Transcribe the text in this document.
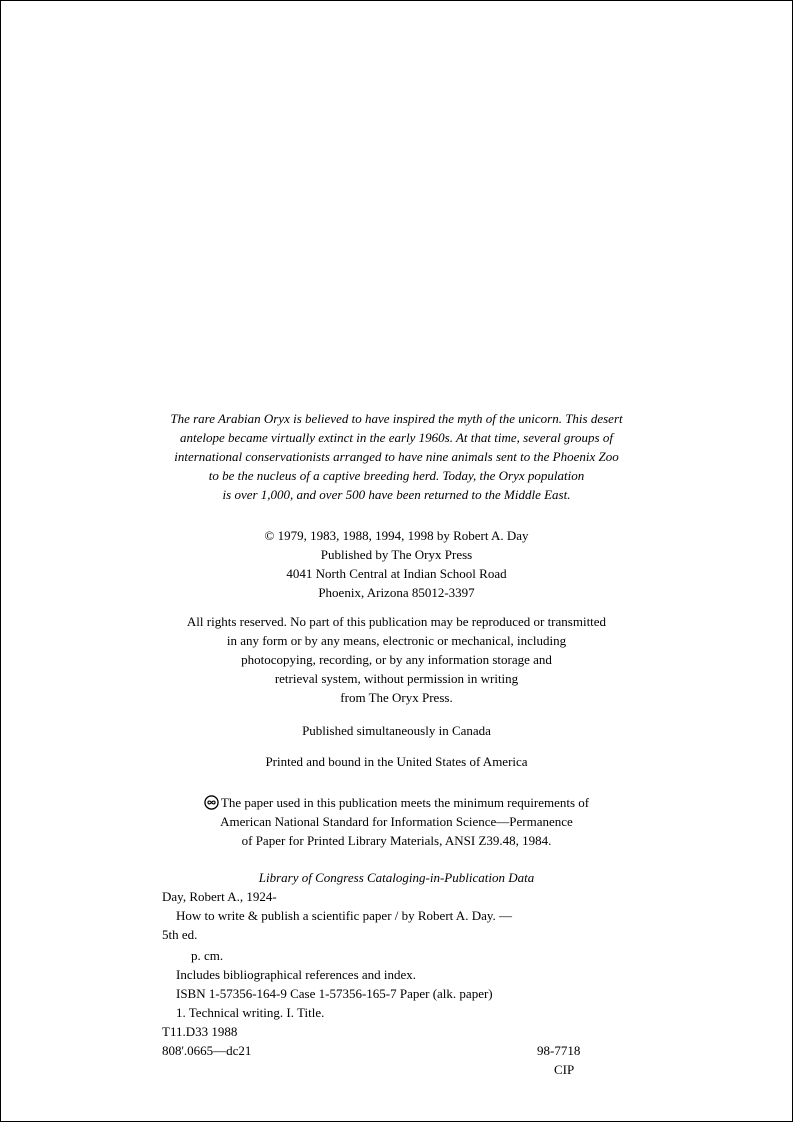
The rare Arabian Oryx is believed to have inspired the myth of the unicorn. This desert
antelope became virtually extinct in the early 1960s. At that time, several groups of
international conservationists arranged to have nine animals sent to the Phoenix Zoo
to be the nucleus of a captive breeding herd. Today, the Oryx population
is over 1,000, and over 500 have been returned to the Middle East.
© 1979, 1983, 1988, 1994, 1998 by Robert A. Day
Published by The Oryx Press
4041 North Central at Indian School Road
Phoenix, Arizona 85012-3397
All rights reserved. No part of this publication may be reproduced or transmitted
in any form or by any means, electronic or mechanical, including
photocopying, recording, or by any information storage and
retrieval system, without permission in writing
from The Oryx Press.
Published simultaneously in Canada
Printed and bound in the United States of America
The paper used in this publication meets the minimum requirements of
American National Standard for Information Science—Permanence
of Paper for Printed Library Materials, ANSI Z39.48, 1984.
Library of Congress Cataloging-in-Publication Data
Day, Robert A., 1924-
How to write & publish a scientific paper / by Robert A. Day. —
5th ed.
p. cm.
Includes bibliographical references and index.
ISBN 1-57356-164-9 Case 1-57356-165-7 Paper (alk. paper)
1. Technical writing. I. Title.
T11.D33 1988
808'.0665—dc21	98-7718
CIP
